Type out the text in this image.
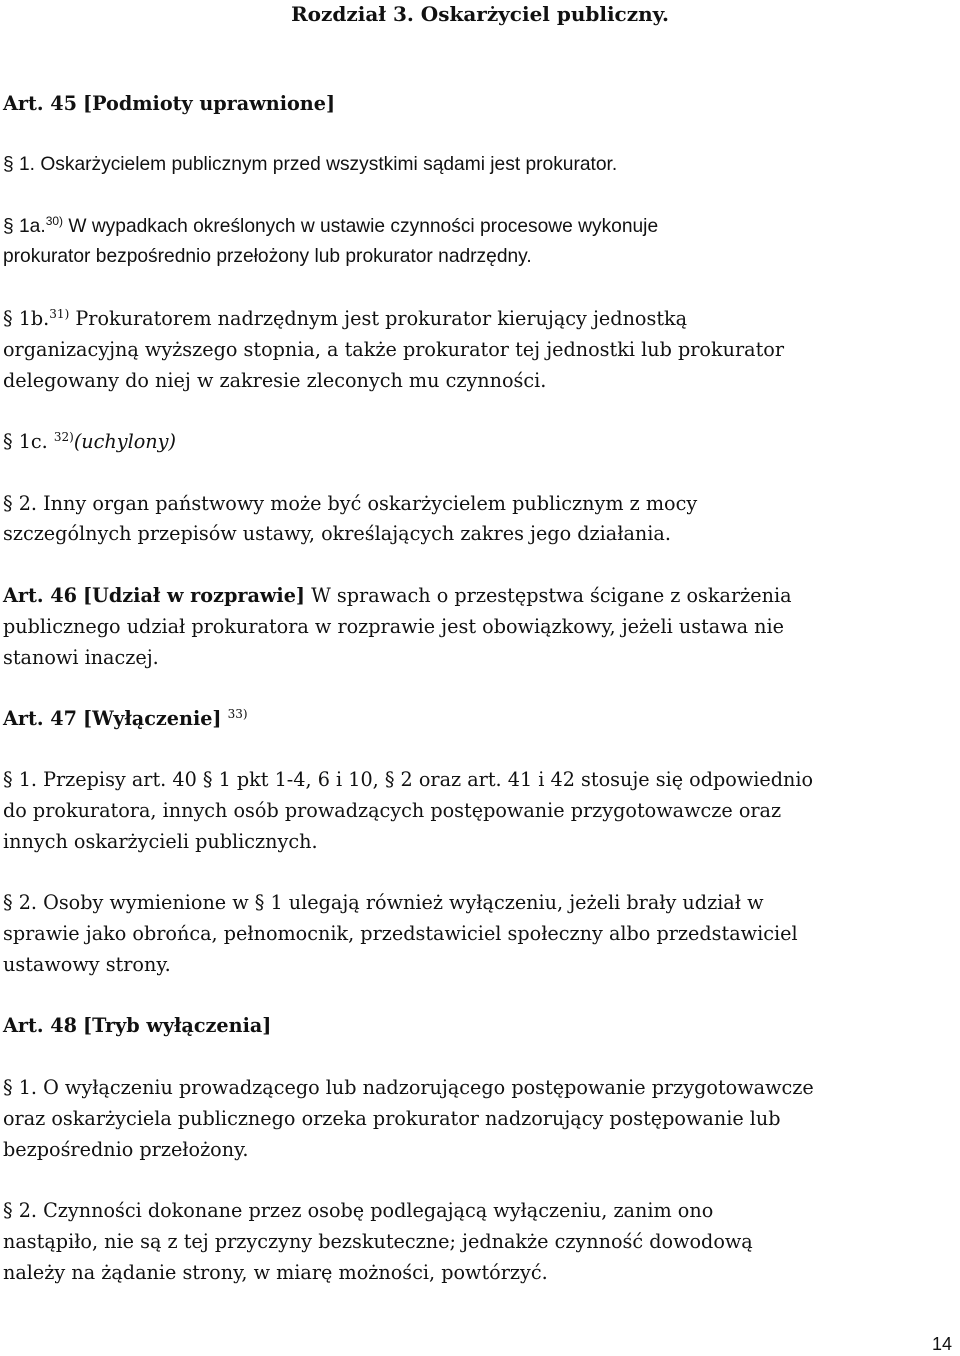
Rozdział 3. Oskarżyciel publiczny.
Art. 45 [Podmioty uprawnione]
§ 1. Oskarżycielem publicznym przed wszystkimi sądami jest prokurator.
§ 1a.$^{30)}$ W wypadkach określonych w ustawie czynności procesowe wykonuje
prokurator bezpośrednio przełożony lub prokurator nadrzędny.
§ 1b.$^{31)}$ Prokuratorem nadrzędnym jest prokurator kierujący jednostką
organizacyjną wyższego stopnia, a także prokurator tej jednostki lub prokurator
delegowany do niej w zakresie zleconych mu czynności.
§ 1c. $^{32)}$(uchylony)
§ 2. Inny organ państwowy może być oskarżycielem publicznym z mocy
szczególnych przepisów ustawy, określających zakres jego działania.
Art. 46 [Udział w rozprawie] W sprawach o przestępstwa ścigane z oskarżenia
publicznego udział prokuratora w rozprawie jest obowiązkowy, jeżeli ustawa nie
stanowi inaczej.
Art. 47 [Wyłączenie] $^{33)}$
§ 1. Przepisy art. 40 § 1 pkt 1-4, 6 i 10, § 2 oraz art. 41 i 42 stosuje się odpowiednio
do prokuratora, innych osób prowadzących postępowanie przygotowawcze oraz
innych oskarżycieli publicznych.
§ 2. Osoby wymienione w § 1 ulegają również wyłączeniu, jeżeli brały udział w
sprawie jako obrońca, pełnomocnik, przedstawiciel społeczny albo przedstawiciel
ustawowy strony.
Art. 48 [Tryb wyłączenia]
§ 1. O wyłączeniu prowadzącego lub nadzorującego postępowanie przygotowawcze
oraz oskarżyciela publicznego orzeka prokurator nadzorujący postępowanie lub
bezpośrednio przełożony.
§ 2. Czynności dokonane przez osobę podlegającą wyłączeniu, zanim ono
nastąpiło, nie są z tej przyczyny bezskuteczne; jednakże czynność dowodową
należy na żądanie strony, w miarę możności, powtórzyć.
14
